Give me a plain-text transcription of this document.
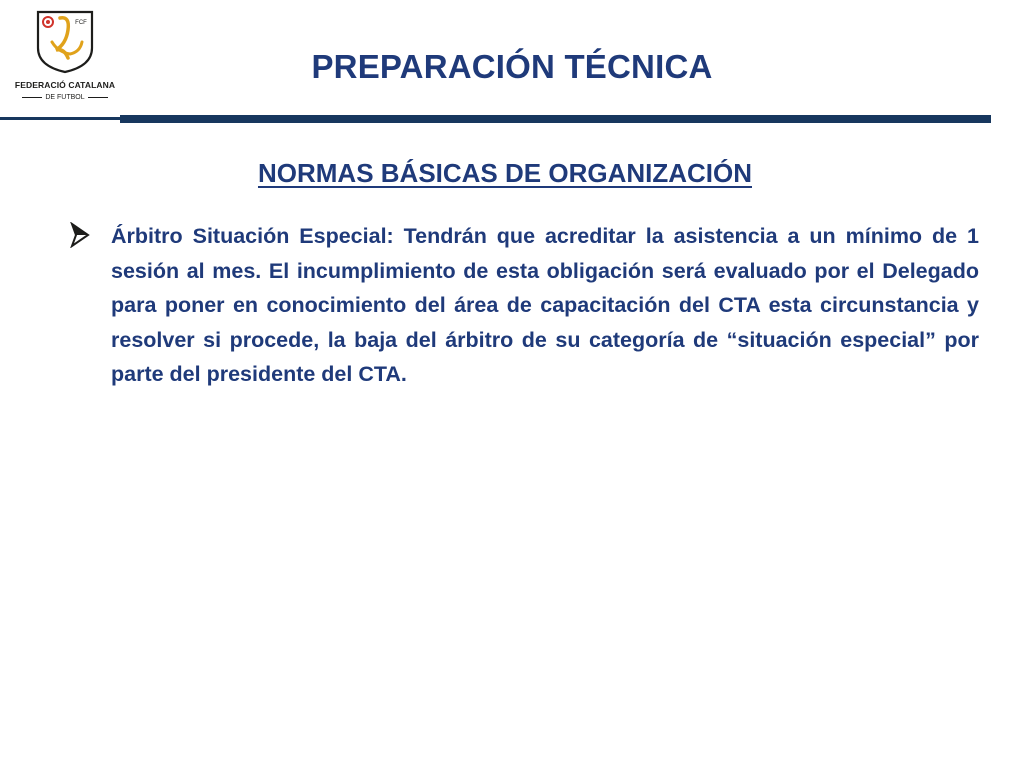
FCF
FEDERACIÓ CATALANA
DE FUTBOL
PREPARACIÓN TÉCNICA
NORMAS BÁSICAS DE ORGANIZACIÓN
Árbitro Situación Especial: Tendrán que acreditar la asistencia a un mínimo de 1 sesión al mes. El incumplimiento de esta obligación será evaluado por el Delegado para poner en conocimiento del área de capacitación del CTA esta circunstancia y resolver si procede, la baja del árbitro de su categoría de “situación especial” por parte del presidente del CTA.
